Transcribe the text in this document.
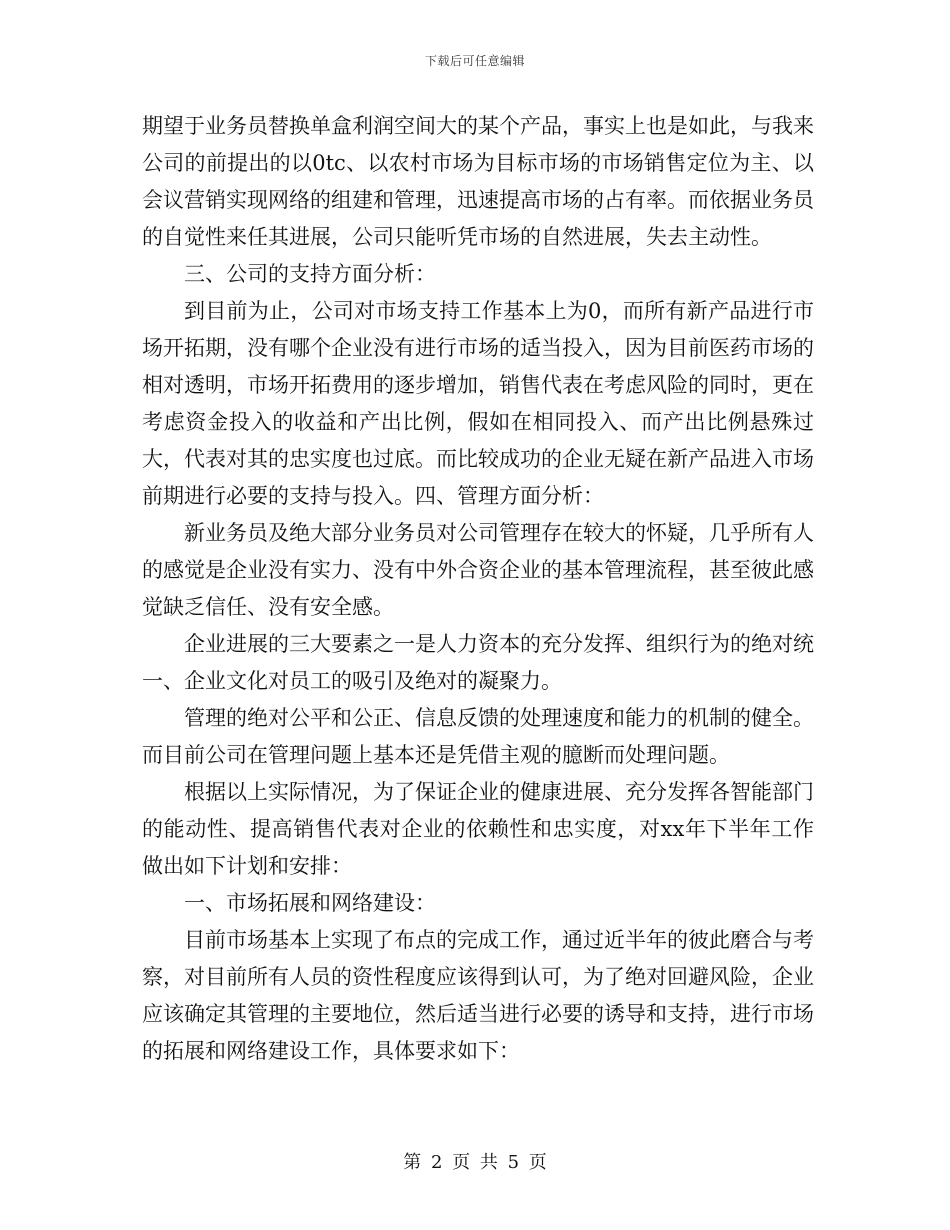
下载后可任意编辑

期望于业务员替换单盒利润空间大的某个产品，事实上也是如此，与我来公司的前提出的以0tc、以农村市场为目标市场的市场销售定位为主、以会议营销实现网络的组建和管理，迅速提高市场的占有率。而依据业务员的自觉性来任其进展，公司只能听凭市场的自然进展，失去主动性。

三、公司的支持方面分析：

到目前为止，公司对市场支持工作基本上为0，而所有新产品进行市场开拓期，没有哪个企业没有进行市场的适当投入，因为目前医药市场的相对透明，市场开拓费用的逐步增加，销售代表在考虑风险的同时，更在考虑资金投入的收益和产出比例，假如在相同投入、而产出比例悬殊过大，代表对其的忠实度也过底。而比较成功的企业无疑在新产品进入市场前期进行必要的支持与投入。四、管理方面分析：

新业务员及绝大部分业务员对公司管理存在较大的怀疑，几乎所有人的感觉是企业没有实力、没有中外合资企业的基本管理流程，甚至彼此感觉缺乏信任、没有安全感。

企业进展的三大要素之一是人力资本的充分发挥、组织行为的绝对统一、企业文化对员工的吸引及绝对的凝聚力。

管理的绝对公平和公正、信息反馈的处理速度和能力的机制的健全。而目前公司在管理问题上基本还是凭借主观的臆断而处理问题。

根据以上实际情况，为了保证企业的健康进展、充分发挥各智能部门的能动性、提高销售代表对企业的依赖性和忠实度，对xx年下半年工作做出如下计划和安排：

一、市场拓展和网络建设：

目前市场基本上实现了布点的完成工作，通过近半年的彼此磨合与考察，对目前所有人员的资性程度应该得到认可，为了绝对回避风险，企业应该确定其管理的主要地位，然后适当进行必要的诱导和支持，进行市场的拓展和网络建设工作，具体要求如下：

第 2 页 共 5 页
